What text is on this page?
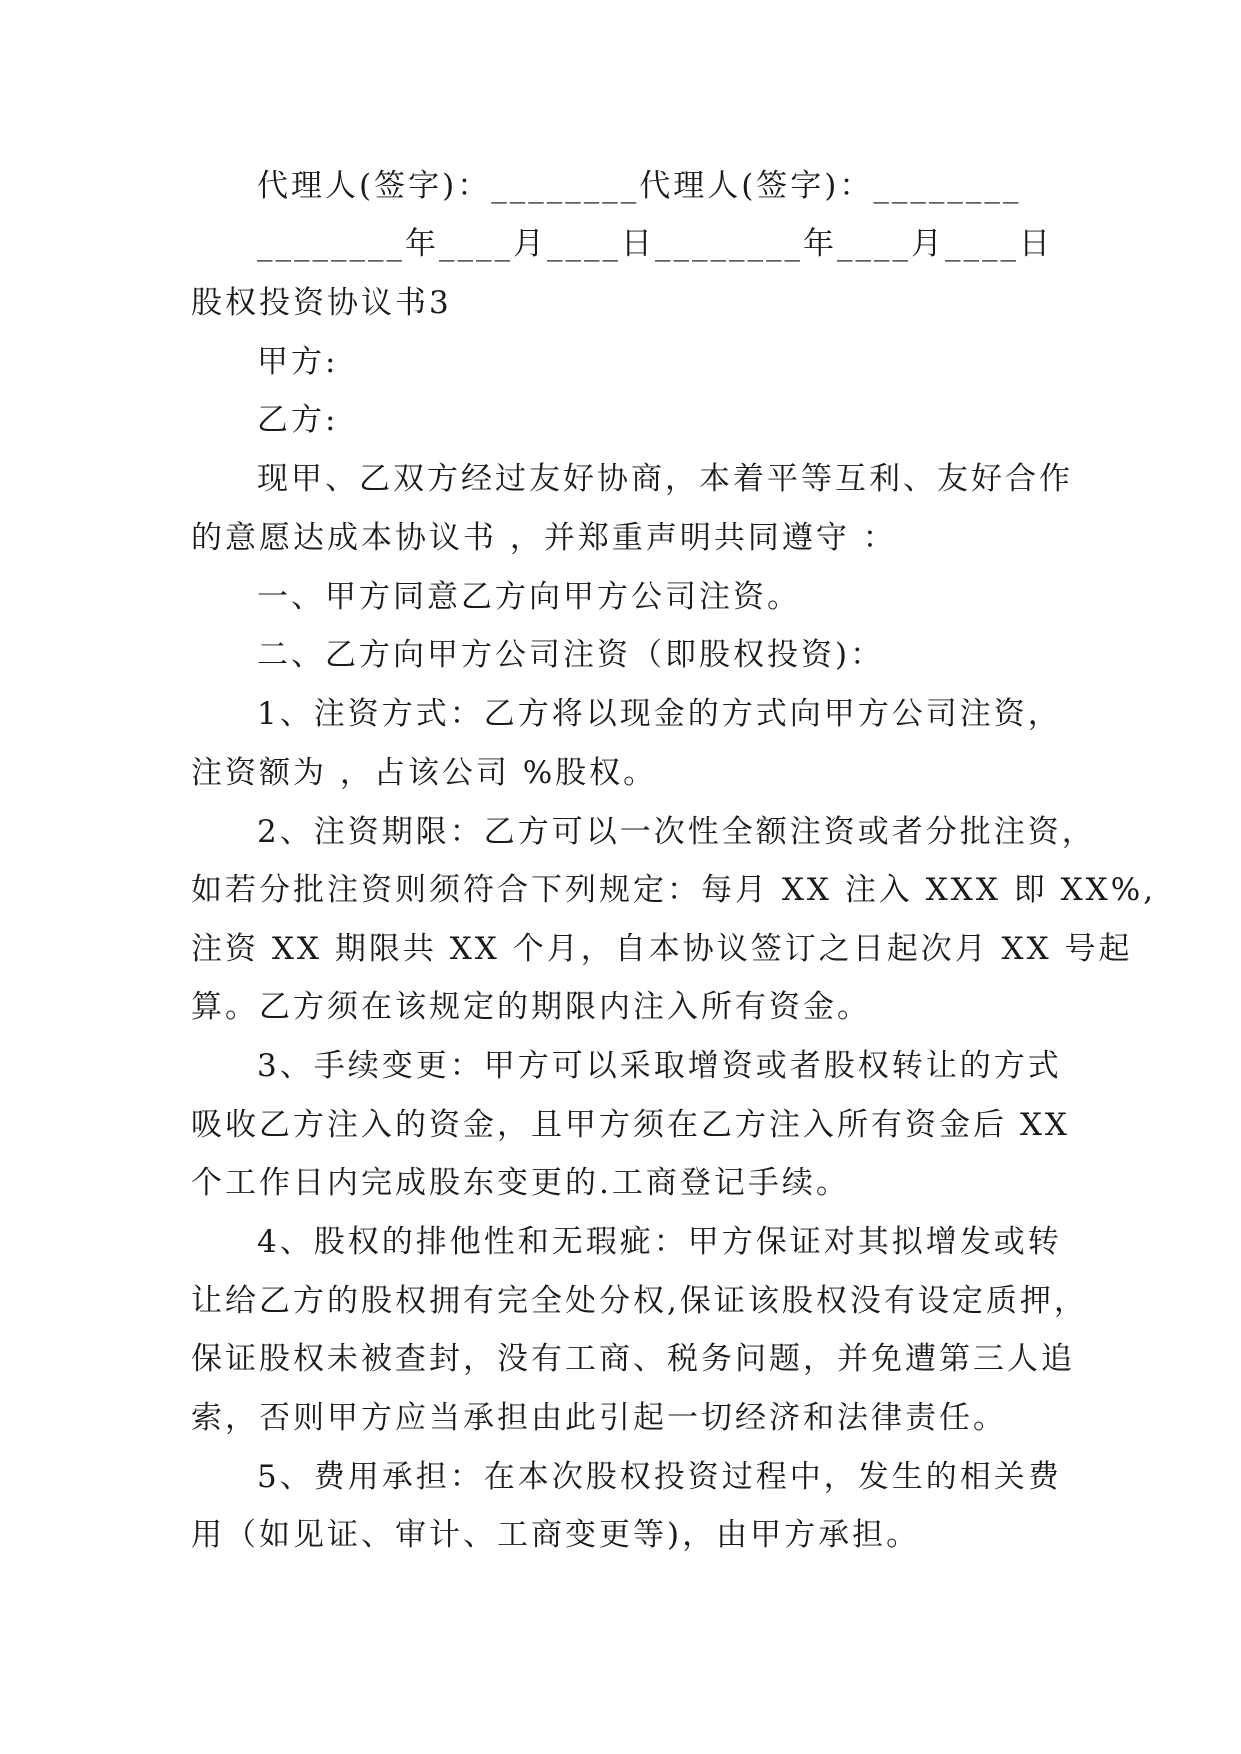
代理人(签字)：________代理人(签字)：________
________年____月____日________年____月____日
股权投资协议书3
甲方:
乙方:
现甲、乙双方经过友好协商，本着平等互利、友好合作
的意愿达成本协议书 ，并郑重声明共同遵守 ：
一、甲方同意乙方向甲方公司注资。
二、乙方向甲方公司注资（即股权投资)：
1、注资方式：乙方将以现金的方式向甲方公司注资，
注资额为 ，占该公司 %股权。
2、注资期限：乙方可以一次性全额注资或者分批注资，
如若分批注资则须符合下列规定：每月 XX 注入 XXX 即 XX%,
注资 XX 期限共 XX 个月，自本协议签订之日起次月 XX 号起
算。乙方须在该规定的期限内注入所有资金。
3、手续变更：甲方可以采取增资或者股权转让的方式
吸收乙方注入的资金，且甲方须在乙方注入所有资金后 XX
个工作日内完成股东变更的.工商登记手续。
4、股权的排他性和无瑕疵：甲方保证对其拟增发或转
让给乙方的股权拥有完全处分权,保证该股权没有设定质押，
保证股权未被查封，没有工商、税务问题，并免遭第三人追
索，否则甲方应当承担由此引起一切经济和法律责任。
5、费用承担：在本次股权投资过程中，发生的相关费
用（如见证、审计、工商变更等)，由甲方承担。
